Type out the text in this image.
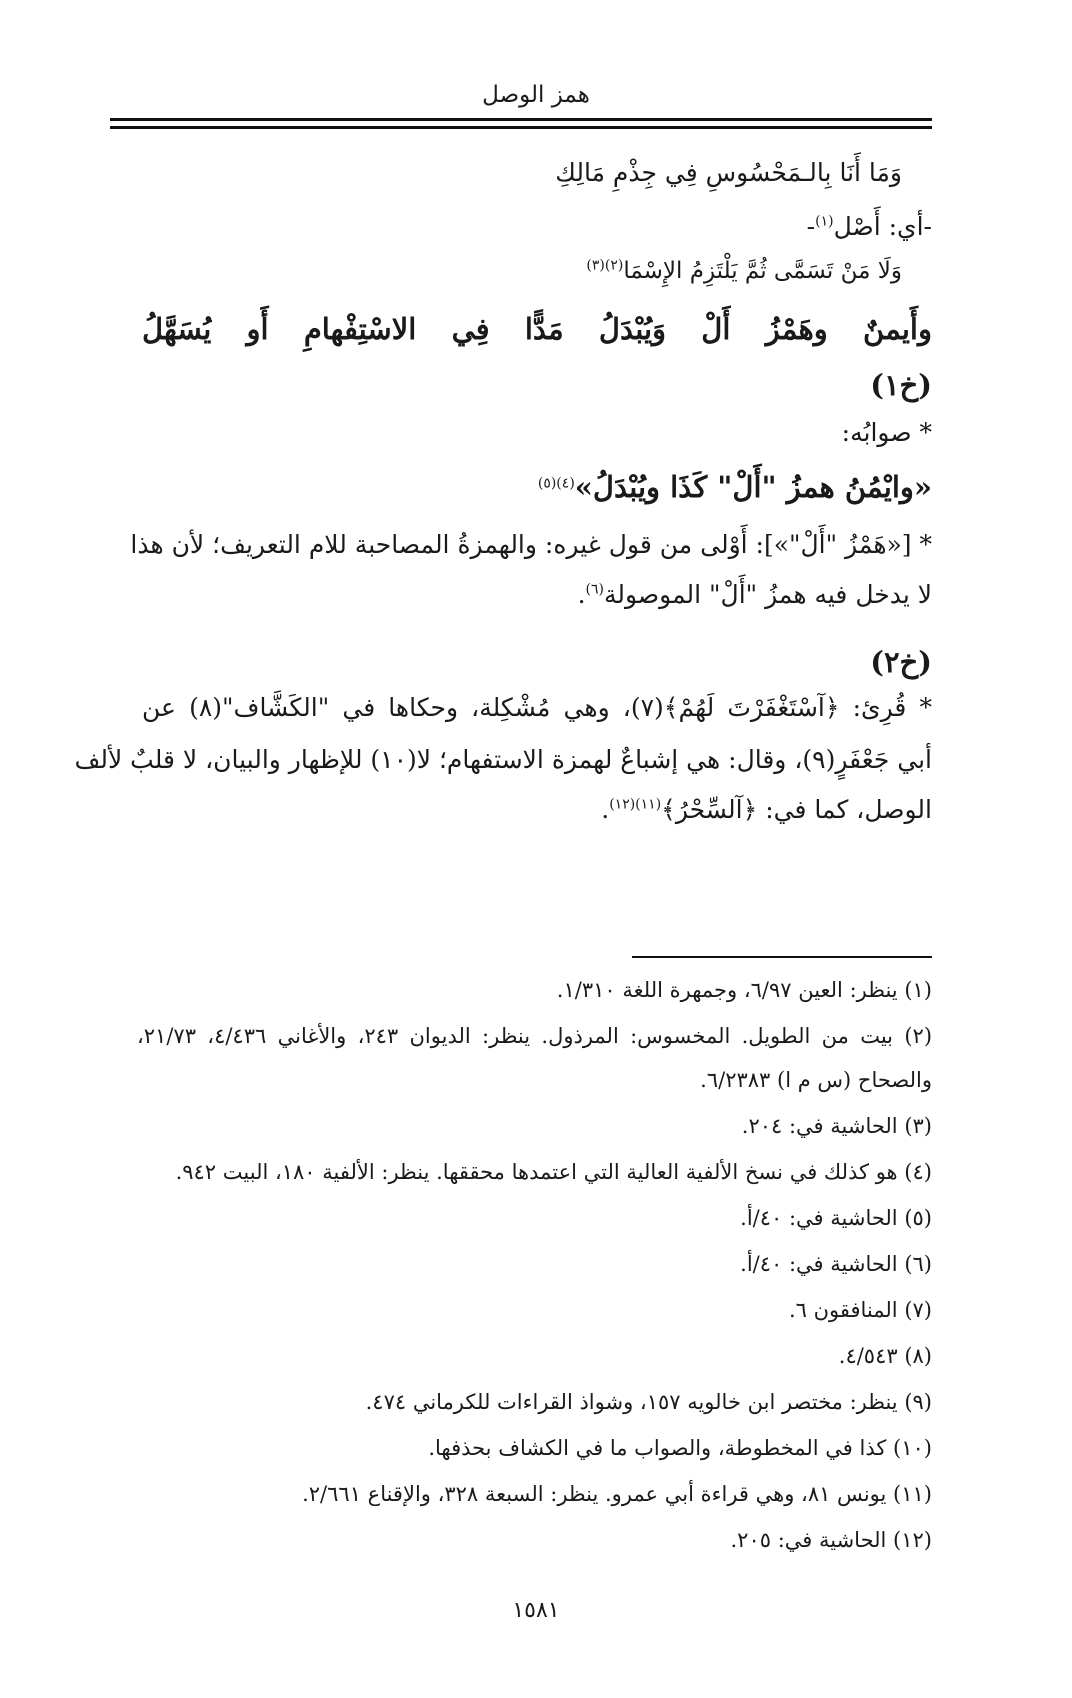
همز الوصل
وَمَا أَنَا بِالـمَحْسُوسِ فِي جِذْمِ مَالِكِ
-أي: أَصْل$^{(١)}$-
وَلَا مَنْ تَسَمَّى ثُمَّ يَلْتَزِمُ الإِسْمَا$^{(٢)(٣)}$
وأَيمنٌ وهَمْزُ أَلْ وَيُبْدَلُ مَدًّا فِي الاسْتِفْهامِ أَو يُسَهَّلُ
(خ١)
* صوابُه:
«وايْمُنُ همزُ "أَلْ" كَذَا ويُبْدَلُ»$^{(٤)(٥)}$
* [«هَمْزُ "أَلْ"»]: أَوْلى من قول غيره: والهمزةُ المصاحبة للام التعريف؛ لأن هذا
لا يدخل فيه همزُ "أَلْ" الموصولة$^{(٦)}$.
(خ٢)
* قُرِئ: ﴿آسْتَغْفَرْتَ لَهُمْ﴾(٧)، وهي مُشْكِلة، وحكاها في "الكَشَّاف"(٨) عن
أبي جَعْفَرٍ(٩)، وقال: هي إشباعٌ لهمزة الاستفهام؛ لا(١٠) للإظهار والبيان، لا قلبٌ لألف
الوصل، كما في: ﴿آلسِّحْرُ﴾$^{(١١)(١٢)}$.
(١) ينظر: العين ٦/٩٧، وجمهرة اللغة ١/٣١٠.
(٢) بيت من الطويل. المخسوس: المرذول. ينظر: الديوان ٢٤٣، والأغاني ٤/٤٣٦، ٢١/٧٣،
والصحاح (س م ا) ٦/٢٣٨٣.
(٣) الحاشية في: ٢٠٤.
(٤) هو كذلك في نسخ الألفية العالية التي اعتمدها محققها. ينظر: الألفية ١٨٠، البيت ٩٤٢.
(٥) الحاشية في: ٤٠/أ.
(٦) الحاشية في: ٤٠/أ.
(٧) المنافقون ٦.
(٨) ٤/٥٤٣.
(٩) ينظر: مختصر ابن خالويه ١٥٧، وشواذ القراءات للكرماني ٤٧٤.
(١٠) كذا في المخطوطة، والصواب ما في الكشاف بحذفها.
(١١) يونس ٨١، وهي قراءة أبي عمرو. ينظر: السبعة ٣٢٨، والإقناع ٢/٦٦١.
(١٢) الحاشية في: ٢٠٥.
١٥٨١
